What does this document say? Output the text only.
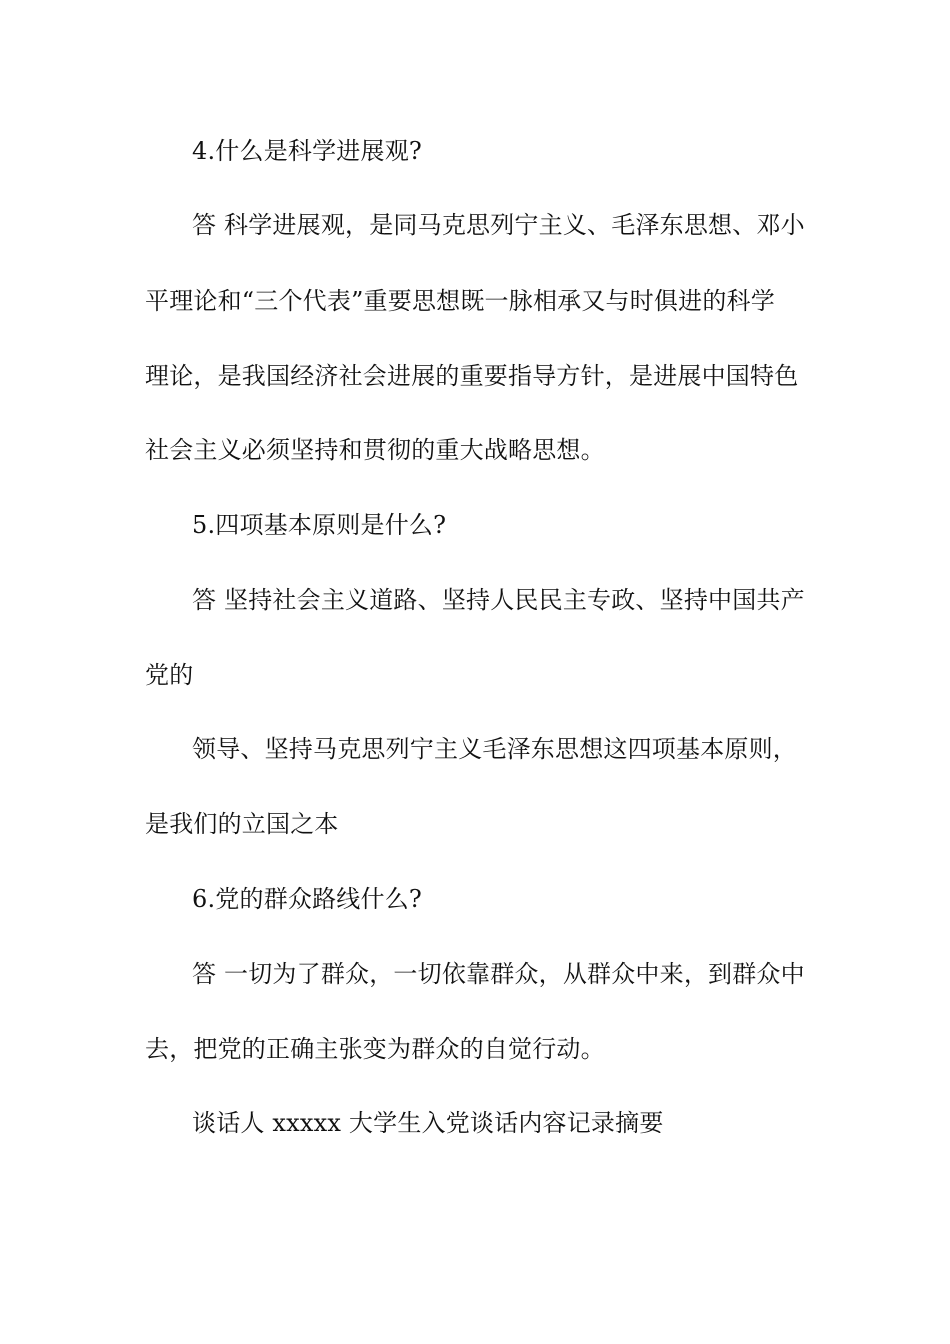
4.什么是科学进展观?
答 科学进展观，是同马克思列宁主义、毛泽东思想、邓小
平理论和“三个代表”重要思想既一脉相承又与时俱进的科学
理论，是我国经济社会进展的重要指导方针，是进展中国特色
社会主义必须坚持和贯彻的重大战略思想。
5.四项基本原则是什么?
答 坚持社会主义道路、坚持人民民主专政、坚持中国共产
党的
领导、坚持马克思列宁主义毛泽东思想这四项基本原则，
是我们的立国之本
6.党的群众路线什么?
答 一切为了群众，一切依靠群众，从群众中来，到群众中
去，把党的正确主张变为群众的自觉行动。
谈话人 xxxxx 大学生入党谈话内容记录摘要
